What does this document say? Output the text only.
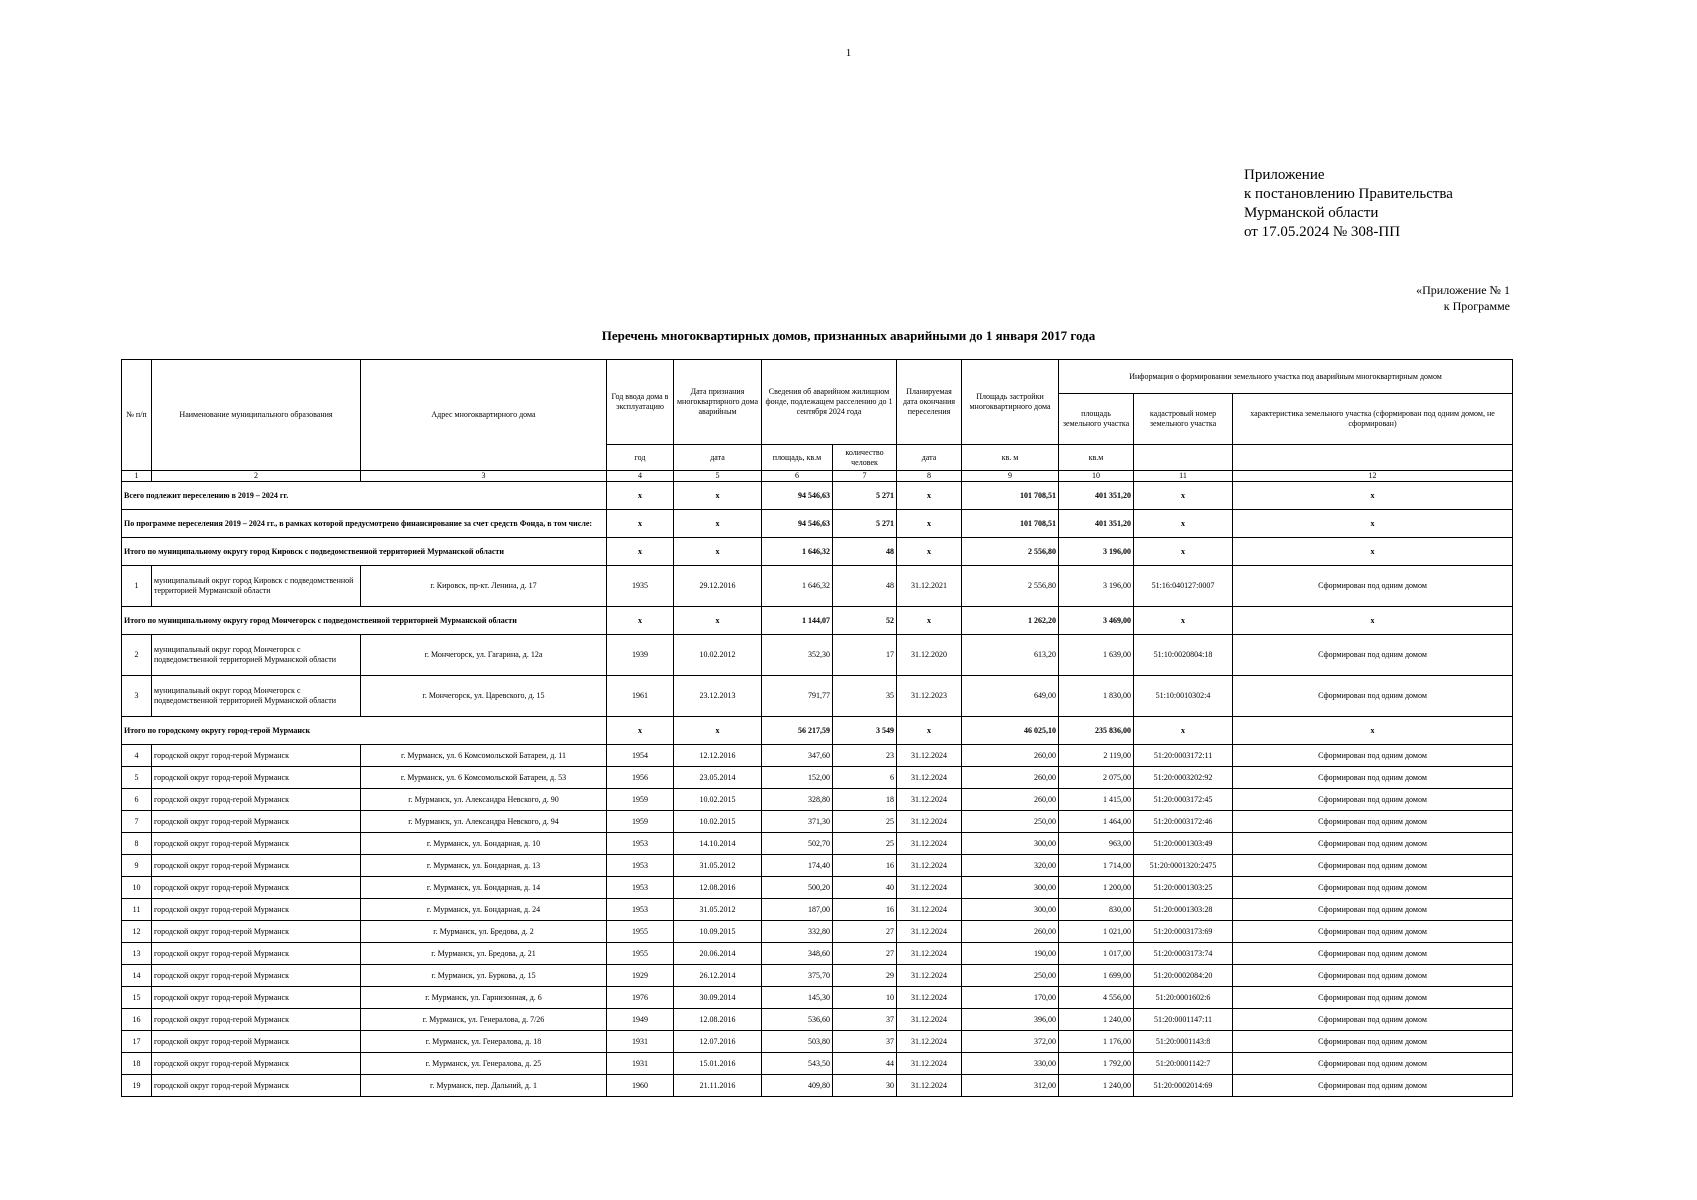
1
Приложение
к постановлению Правительства
Мурманской области
от 17.05.2024 № 308-ПП
«Приложение № 1
к Программе
Перечень многоквартирных домов, признанных аварийными до 1 января 2017 года
№ п/п	Наименование муниципального образования	Адрес многоквартирного дома	Год ввода дома в эксплуатацию	Дата признания многоквартирного дома аварийным	Сведения об аварийном жилищном фонде, подлежащем расселению до 1 сентября 2024 года		Планируемая дата окончания переселения	Площадь застройки многоквартирного дома	Информация о формировании земельного участка под аварийным многоквартирным домом		
									площадь земельного участка	кадастровый номер земельного участка	характеристика земельного участка (сформирован под одним домом, не сформирован)
			год	дата	площадь, кв.м	количество человек	дата	кв. м	кв.м		
1	2	3	4	5	6	7	8	9	10	11	12
Всего подлежит переселению в 2019 – 2024 гг.			х	х	94 546,63	5 271	х	101 708,51	401 351,20	х	х
По программе переселения 2019 – 2024 гг., в рамках которой предусмотрено финансирование за счет средств Фонда, в том числе:			х	х	94 546,63	5 271	х	101 708,51	401 351,20	х	х
Итого по муниципальному округу город Кировск с подведомственной территорией Мурманской области			х	х	1 646,32	48	х	2 556,80	3 196,00	х	х
1	муниципальный округ город Кировск с подведомственной территорией Мурманской области	г. Кировск, пр-кт. Ленина, д. 17	1935	29.12.2016	1 646,32	48	31.12.2021	2 556,80	3 196,00	51:16:040127:0007	Сформирован под одним домом
Итого по муниципальному округу город Мончегорск с подведомственной территорией Мурманской области			х	х	1 144,07	52	х	1 262,20	3 469,00	х	х
2	муниципальный округ город Мончегорск с подведомственной территорией Мурманской области	г. Мончегорск, ул. Гагарина, д. 12а	1939	10.02.2012	352,30	17	31.12.2020	613,20	1 639,00	51:10:0020804:18	Сформирован под одним домом
3	муниципальный округ город Мончегорск с подведомственной территорией Мурманской области	г. Мончегорск, ул. Царевского, д. 15	1961	23.12.2013	791,77	35	31.12.2023	649,00	1 830,00	51:10:0010302:4	Сформирован под одним домом
Итого по городскому округу город-герой Мурманск			х	х	56 217,59	3 549	х	46 025,10	235 836,00	х	х
4	городской округ город-герой Мурманск	г. Мурманск, ул. 6 Комсомольской Батареи, д. 11	1954	12.12.2016	347,60	23	31.12.2024	260,00	2 119,00	51:20:0003172:11	Сформирован под одним домом
5	городской округ город-герой Мурманск	г. Мурманск, ул. 6 Комсомольской Батареи, д. 53	1956	23.05.2014	152,00	6	31.12.2024	260,00	2 075,00	51:20:0003202:92	Сформирован под одним домом
6	городской округ город-герой Мурманск	г. Мурманск, ул. Александра Невского, д. 90	1959	10.02.2015	328,80	18	31.12.2024	260,00	1 415,00	51:20:0003172:45	Сформирован под одним домом
7	городской округ город-герой Мурманск	г. Мурманск, ул. Александра Невского, д. 94	1959	10.02.2015	371,30	25	31.12.2024	250,00	1 464,00	51:20:0003172:46	Сформирован под одним домом
8	городской округ город-герой Мурманск	г. Мурманск, ул. Бондарная, д. 10	1953	14.10.2014	502,70	25	31.12.2024	300,00	963,00	51:20:0001303:49	Сформирован под одним домом
9	городской округ город-герой Мурманск	г. Мурманск, ул. Бондарная, д. 13	1953	31.05.2012	174,40	16	31.12.2024	320,00	1 714,00	51:20:0001320:2475	Сформирован под одним домом
10	городской округ город-герой Мурманск	г. Мурманск, ул. Бондарная, д. 14	1953	12.08.2016	500,20	40	31.12.2024	300,00	1 200,00	51:20:0001303:25	Сформирован под одним домом
11	городской округ город-герой Мурманск	г. Мурманск, ул. Бондарная, д. 24	1953	31.05.2012	187,00	16	31.12.2024	300,00	830,00	51:20:0001303:28	Сформирован под одним домом
12	городской округ город-герой Мурманск	г. Мурманск, ул. Бредова, д. 2	1955	10.09.2015	332,80	27	31.12.2024	260,00	1 021,00	51:20:0003173:69	Сформирован под одним домом
13	городской округ город-герой Мурманск	г. Мурманск, ул. Бредова, д. 21	1955	20.06.2014	348,60	27	31.12.2024	190,00	1 017,00	51:20:0003173:74	Сформирован под одним домом
14	городской округ город-герой Мурманск	г. Мурманск, ул. Буркова, д. 15	1929	26.12.2014	375,70	29	31.12.2024	250,00	1 699,00	51:20:0002084:20	Сформирован под одним домом
15	городской округ город-герой Мурманск	г. Мурманск, ул. Гарнизонная, д. 6	1976	30.09.2014	145,30	10	31.12.2024	170,00	4 556,00	51:20:0001602:6	Сформирован под одним домом
16	городской округ город-герой Мурманск	г. Мурманск, ул. Генералова, д. 7/26	1949	12.08.2016	536,60	37	31.12.2024	396,00	1 240,00	51:20:0001147:11	Сформирован под одним домом
17	городской округ город-герой Мурманск	г. Мурманск, ул. Генералова, д. 18	1931	12.07.2016	503,80	37	31.12.2024	372,00	1 176,00	51:20:0001143:8	Сформирован под одним домом
18	городской округ город-герой Мурманск	г. Мурманск, ул. Генералова, д. 25	1931	15.01.2016	543,50	44	31.12.2024	330,00	1 792,00	51:20:0001142:7	Сформирован под одним домом
19	городской округ город-герой Мурманск	г. Мурманск, пер. Дальний, д. 1	1960	21.11.2016	409,80	30	31.12.2024	312,00	1 240,00	51:20:0002014:69	Сформирован под одним домом
